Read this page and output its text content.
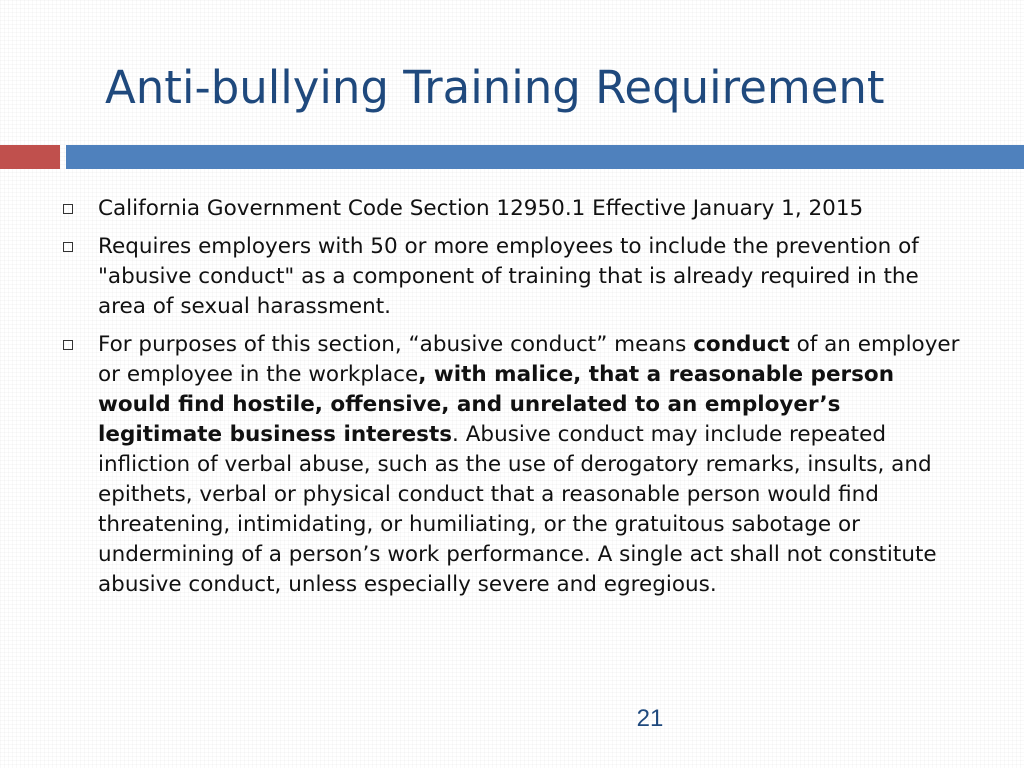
Anti-bullying Training Requirement
California Government Code Section 12950.1 Effective January 1, 2015
Requires employers with 50 or more employees to include the prevention of "abusive conduct" as a component of training that is already required in the area of sexual harassment.
For purposes of this section, “abusive conduct” means conduct of an employer or employee in the workplace, with malice, that a reasonable person would find hostile, offensive, and unrelated to an employer’s legitimate business interests. Abusive conduct may include repeated infliction of verbal abuse, such as the use of derogatory remarks, insults, and epithets, verbal or physical conduct that a reasonable person would find threatening, intimidating, or humiliating, or the gratuitous sabotage or undermining of a person’s work performance. A single act shall not constitute abusive conduct, unless especially severe and egregious.
21
